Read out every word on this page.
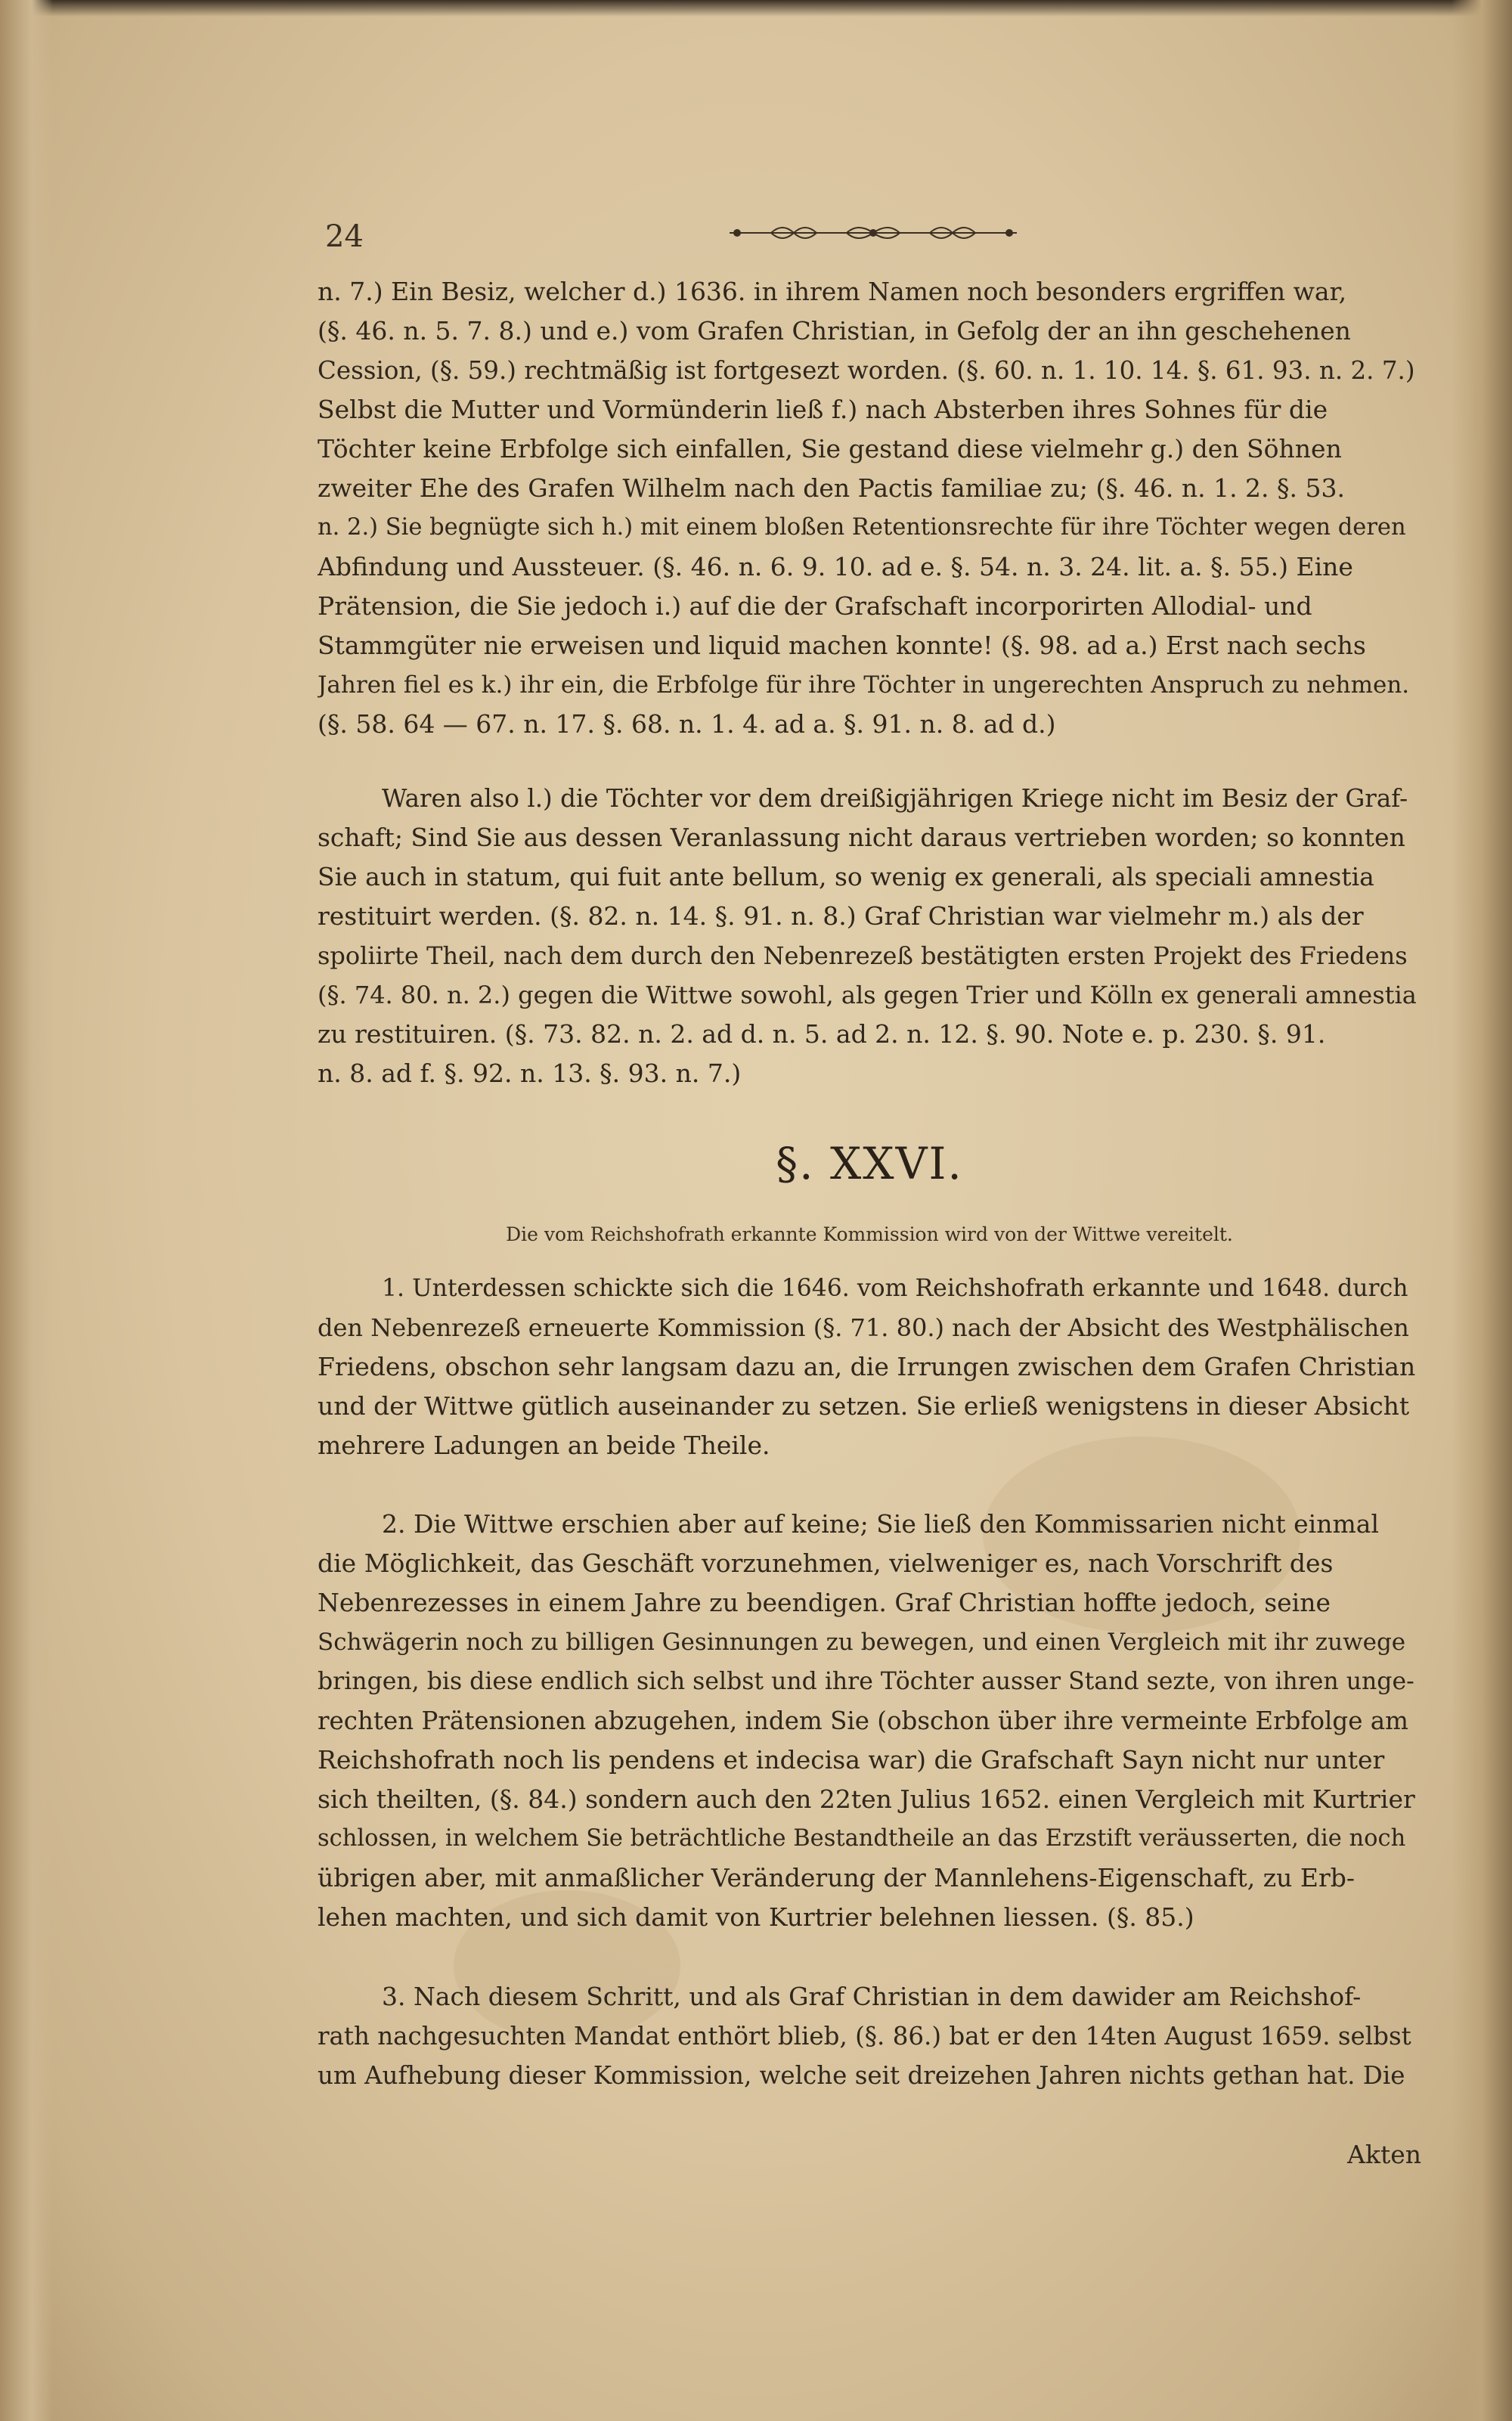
24
n. 7.) Ein Besiz, welcher d.) 1636. in ihrem Namen noch besonders ergriffen war,
(§. 46. n. 5. 7. 8.) und e.) vom Grafen Christian, in Gefolg der an ihn geschehenen
Cession, (§. 59.) rechtmäßig ist fortgesezt worden. (§. 60. n. 1. 10. 14. §. 61. 93. n. 2. 7.)
Selbst die Mutter und Vormünderin ließ f.) nach Absterben ihres Sohnes für die
Töchter keine Erbfolge sich einfallen, Sie gestand diese vielmehr g.) den Söhnen
zweiter Ehe des Grafen Wilhelm nach den Pactis familiae zu; (§. 46. n. 1. 2. §. 53.
n. 2.) Sie begnügte sich h.) mit einem bloßen Retentionsrechte für ihre Töchter wegen deren
Abfindung und Aussteuer. (§. 46. n. 6. 9. 10. ad e. §. 54. n. 3. 24. lit. a. §. 55.) Eine
Prätension, die Sie jedoch i.) auf die der Grafschaft incorporirten Allodial- und
Stammgüter nie erweisen und liquid machen konnte! (§. 98. ad a.) Erst nach sechs
Jahren fiel es k.) ihr ein, die Erbfolge für ihre Töchter in ungerechten Anspruch zu nehmen.
(§. 58. 64 — 67. n. 17. §. 68. n. 1. 4. ad a. §. 91. n. 8. ad d.)
Waren also l.) die Töchter vor dem dreißigjährigen Kriege nicht im Besiz der Graf-
schaft; Sind Sie aus dessen Veranlassung nicht daraus vertrieben worden; so konnten
Sie auch in statum, qui fuit ante bellum, so wenig ex generali, als speciali amnestia
restituirt werden. (§. 82. n. 14. §. 91. n. 8.) Graf Christian war vielmehr m.) als der
spoliirte Theil, nach dem durch den Nebenrezeß bestätigten ersten Projekt des Friedens
(§. 74. 80. n. 2.) gegen die Wittwe sowohl, als gegen Trier und Kölln ex generali amnestia
zu restituiren. (§. 73. 82. n. 2. ad d. n. 5. ad 2. n. 12. §. 90. Note e. p. 230. §. 91.
n. 8. ad f. §. 92. n. 13. §. 93. n. 7.)
§. XXVI.
Die vom Reichshofrath erkannte Kommission wird von der Wittwe vereitelt.
1. Unterdessen schickte sich die 1646. vom Reichshofrath erkannte und 1648. durch
den Nebenrezeß erneuerte Kommission (§. 71. 80.) nach der Absicht des Westphälischen
Friedens, obschon sehr langsam dazu an, die Irrungen zwischen dem Grafen Christian
und der Wittwe gütlich auseinander zu setzen. Sie erließ wenigstens in dieser Absicht
mehrere Ladungen an beide Theile.
2. Die Wittwe erschien aber auf keine; Sie ließ den Kommissarien nicht einmal
die Möglichkeit, das Geschäft vorzunehmen, vielweniger es, nach Vorschrift des
Nebenrezesses in einem Jahre zu beendigen. Graf Christian hoffte jedoch, seine
Schwägerin noch zu billigen Gesinnungen zu bewegen, und einen Vergleich mit ihr zuwege
bringen, bis diese endlich sich selbst und ihre Töchter ausser Stand sezte, von ihren unge-
rechten Prätensionen abzugehen, indem Sie (obschon über ihre vermeinte Erbfolge am
Reichshofrath noch lis pendens et indecisa war) die Grafschaft Sayn nicht nur unter
sich theilten, (§. 84.) sondern auch den 22ten Julius 1652. einen Vergleich mit Kurtrier
schlossen, in welchem Sie beträchtliche Bestandtheile an das Erzstift veräusserten, die noch
übrigen aber, mit anmaßlicher Veränderung der Mannlehens-Eigenschaft, zu Erb-
lehen machten, und sich damit von Kurtrier belehnen liessen. (§. 85.)
3. Nach diesem Schritt, und als Graf Christian in dem dawider am Reichshof-
rath nachgesuchten Mandat enthört blieb, (§. 86.) bat er den 14ten August 1659. selbst
um Aufhebung dieser Kommission, welche seit dreizehen Jahren nichts gethan hat. Die
Akten
